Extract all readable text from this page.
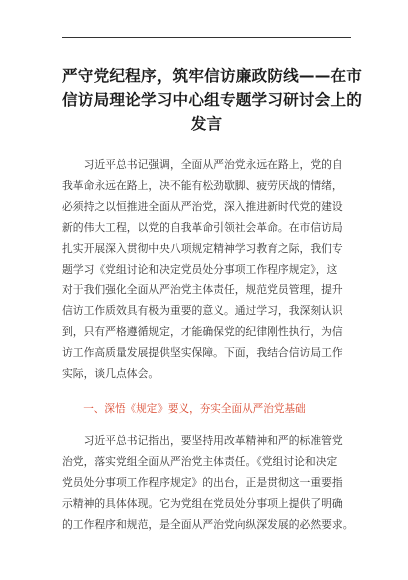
严守党纪程序，筑牢信访廉政防线——在市
信访局理论学习中心组专题学习研讨会上的
发言

习近平总书记强调，全面从严治党永远在路上，党的自
我革命永远在路上，决不能有松劲歇脚、疲劳厌战的情绪，
必须持之以恒推进全面从严治党，深入推进新时代党的建设
新的伟大工程，以党的自我革命引领社会革命。在市信访局
扎实开展深入贯彻中央八项规定精神学习教育之际，我们专
题学习《党组讨论和决定党员处分事项工作程序规定》，这
对于我们强化全面从严治党主体责任，规范党员管理，提升
信访工作质效具有极为重要的意义。通过学习，我深刻认识
到，只有严格遵循规定，才能确保党的纪律刚性执行，为信
访工作高质量发展提供坚实保障。下面，我结合信访局工作
实际，谈几点体会。

一、深悟《规定》要义，夯实全面从严治党基础

习近平总书记指出，要坚持用改革精神和严的标准管党
治党，落实党组全面从严治党主体责任。《党组讨论和决定
党员处分事项工作程序规定》的出台，正是贯彻这一重要指
示精神的具体体现。它为党组在党员处分事项上提供了明确
的工作程序和规范，是全面从严治党向纵深发展的必然要求。
